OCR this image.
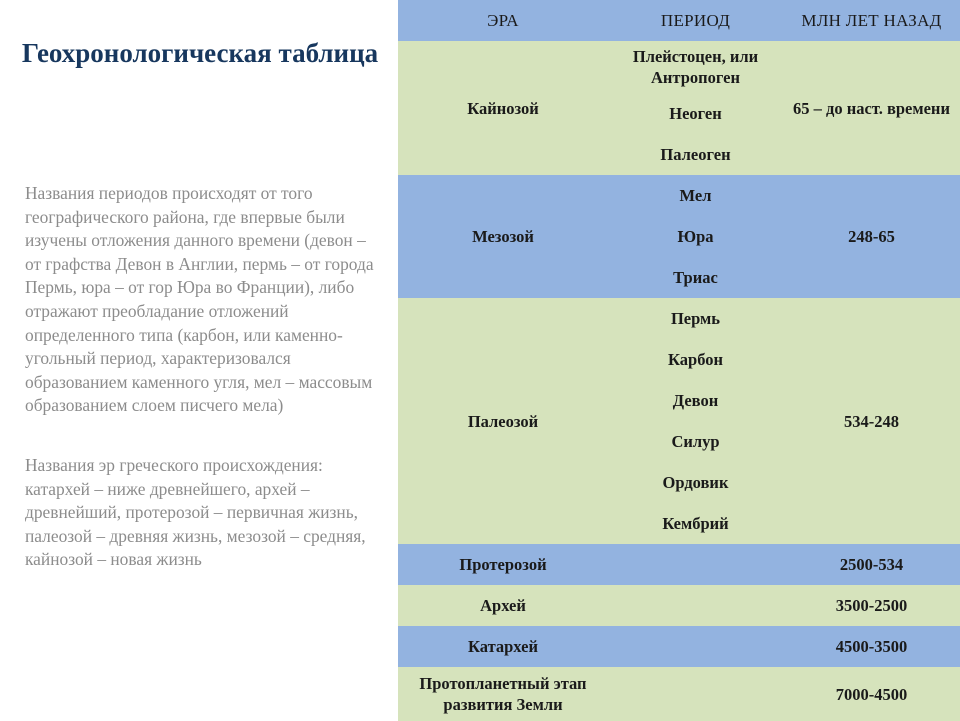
Геохронологическая таблица

Названия периодов происходят от того географического района, где впервые были изучены отложения данного времени (девон – от графства Девон в Англии, пермь – от города Пермь, юра – от гор Юра во Франции), либо отражают преобладание отложений определенного типа (карбон, или каменно-угольный период, характеризовался образованием каменного угля, мел – массовым образованием слоем писчего мела)

Названия эр греческого происхождения: катархей – ниже древнейшего, архей – древнейший, протерозой – первичная жизнь, палеозой – древняя жизнь, мезозой – средняя, кайнозой – новая жизнь

ЭРА	ПЕРИОД	МЛН ЛЕТ НАЗАД
Кайнозой	Плейстоцен, или Антропоген	65 – до наст. времени
	Неоген	
	Палеоген	
Мезозой	Мел	248-65
	Юра	
	Триас	
Палеозой	Пермь	534-248
	Карбон	
	Девон	
	Силур	
	Ордовик	
	Кембрий	
Протерозой		2500-534
Архей		3500-2500
Катархей		4500-3500
Протопланетный этап развития Земли		7000-4500
